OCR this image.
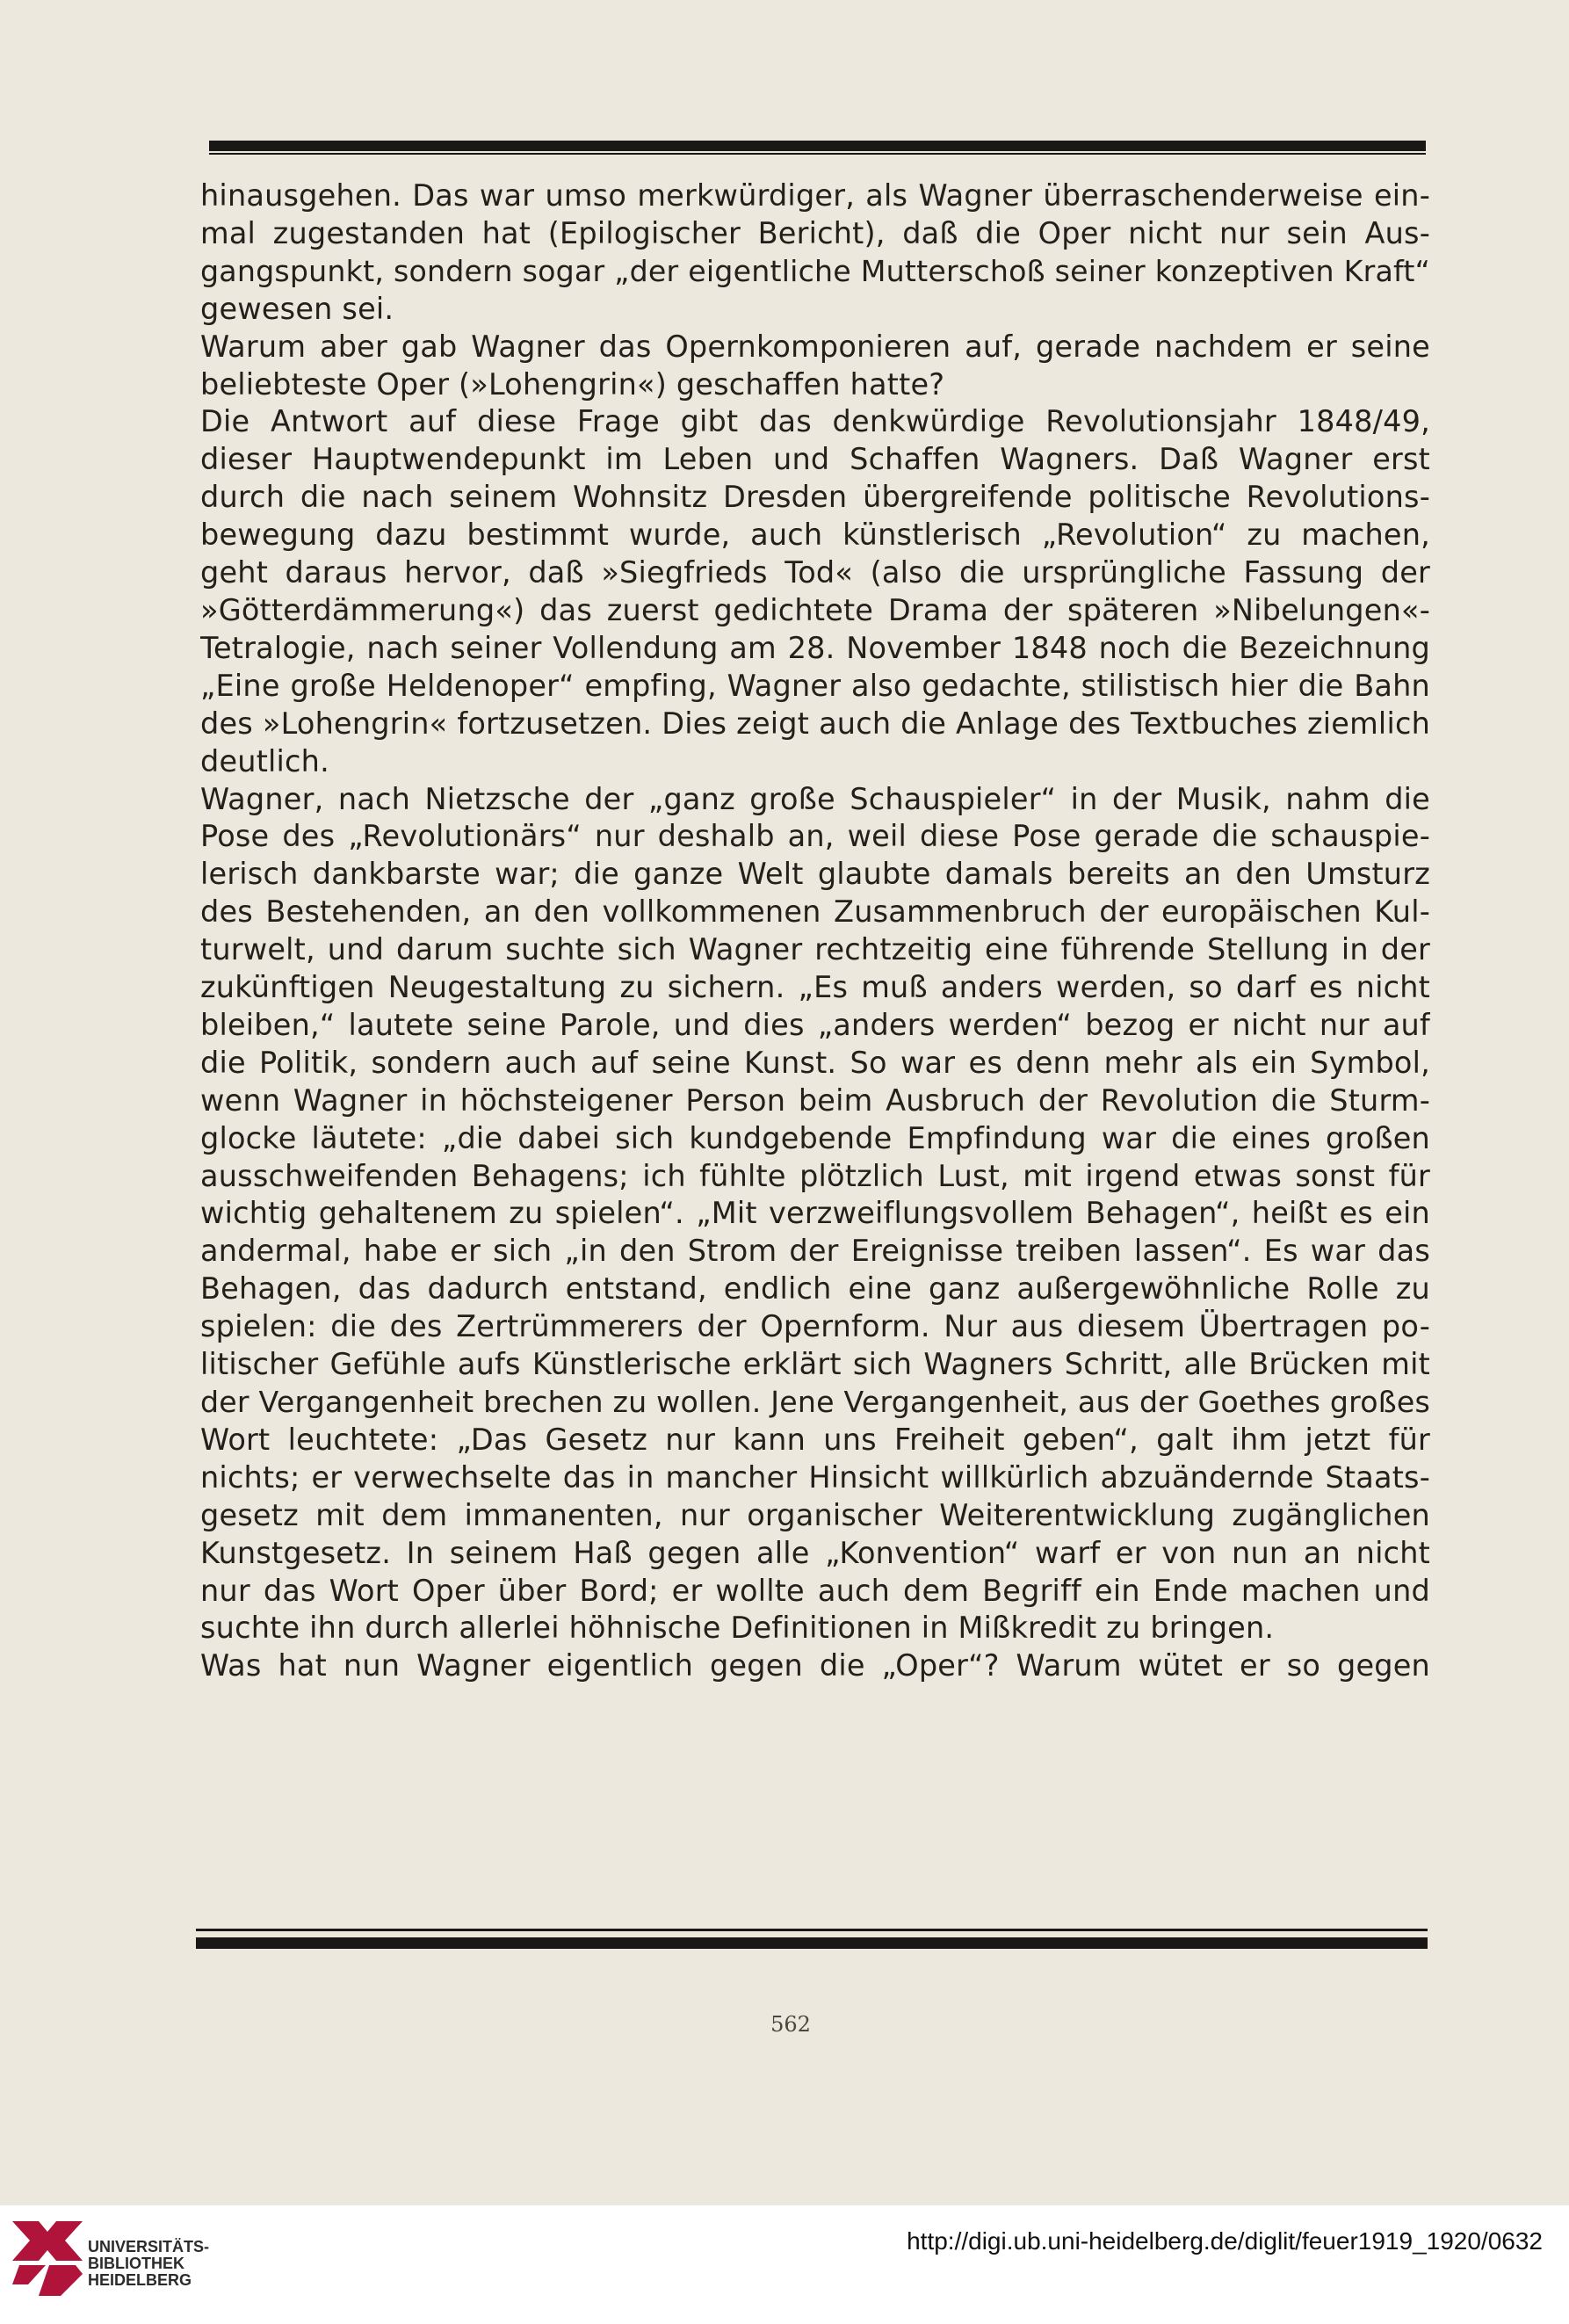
hinausgehen. Das war umso merkwürdiger, als Wagner überraschenderweise ein-
mal zugestanden hat (Epilogischer Bericht), daß die Oper nicht nur sein Aus-
gangspunkt, sondern sogar „der eigentliche Mutterschoß seiner konzeptiven Kraft“
gewesen sei.
Warum aber gab Wagner das Opernkomponieren auf, gerade nachdem er seine
beliebteste Oper (»Lohengrin«) geschaffen hatte?
Die Antwort auf diese Frage gibt das denkwürdige Revolutionsjahr 1848/49,
dieser Hauptwendepunkt im Leben und Schaffen Wagners. Daß Wagner erst
durch die nach seinem Wohnsitz Dresden übergreifende politische Revolutions-
bewegung dazu bestimmt wurde, auch künstlerisch „Revolution“ zu machen,
geht daraus hervor, daß »Siegfrieds Tod« (also die ursprüngliche Fassung der
»Götterdämmerung«) das zuerst gedichtete Drama der späteren »Nibelungen«-
Tetralogie, nach seiner Vollendung am 28. November 1848 noch die Bezeichnung
„Eine große Heldenoper“ empfing, Wagner also gedachte, stilistisch hier die Bahn
des »Lohengrin« fortzusetzen. Dies zeigt auch die Anlage des Textbuches ziemlich
deutlich.
Wagner, nach Nietzsche der „ganz große Schauspieler“ in der Musik, nahm die
Pose des „Revolutionärs“ nur deshalb an, weil diese Pose gerade die schauspie-
lerisch dankbarste war; die ganze Welt glaubte damals bereits an den Umsturz
des Bestehenden, an den vollkommenen Zusammenbruch der europäischen Kul-
turwelt, und darum suchte sich Wagner rechtzeitig eine führende Stellung in der
zukünftigen Neugestaltung zu sichern. „Es muß anders werden, so darf es nicht
bleiben,“ lautete seine Parole, und dies „anders werden“ bezog er nicht nur auf
die Politik, sondern auch auf seine Kunst. So war es denn mehr als ein Symbol,
wenn Wagner in höchsteigener Person beim Ausbruch der Revolution die Sturm-
glocke läutete: „die dabei sich kundgebende Empfindung war die eines großen
ausschweifenden Behagens; ich fühlte plötzlich Lust, mit irgend etwas sonst für
wichtig gehaltenem zu spielen“. „Mit verzweiflungsvollem Behagen“, heißt es ein
andermal, habe er sich „in den Strom der Ereignisse treiben lassen“. Es war das
Behagen, das dadurch entstand, endlich eine ganz außergewöhnliche Rolle zu
spielen: die des Zertrümmerers der Opernform. Nur aus diesem Übertragen po-
litischer Gefühle aufs Künstlerische erklärt sich Wagners Schritt, alle Brücken mit
der Vergangenheit brechen zu wollen. Jene Vergangenheit, aus der Goethes großes
Wort leuchtete: „Das Gesetz nur kann uns Freiheit geben“, galt ihm jetzt für
nichts; er verwechselte das in mancher Hinsicht willkürlich abzuändernde Staats-
gesetz mit dem immanenten, nur organischer Weiterentwicklung zugänglichen
Kunstgesetz. In seinem Haß gegen alle „Konvention“ warf er von nun an nicht
nur das Wort Oper über Bord; er wollte auch dem Begriff ein Ende machen und
suchte ihn durch allerlei höhnische Definitionen in Mißkredit zu bringen.
Was hat nun Wagner eigentlich gegen die „Oper“? Warum wütet er so gegen
562
UNIVERSITÄTS-
BIBLIOTHEK
HEIDELBERG
http://digi.ub.uni-heidelberg.de/diglit/feuer1919_1920/0632
